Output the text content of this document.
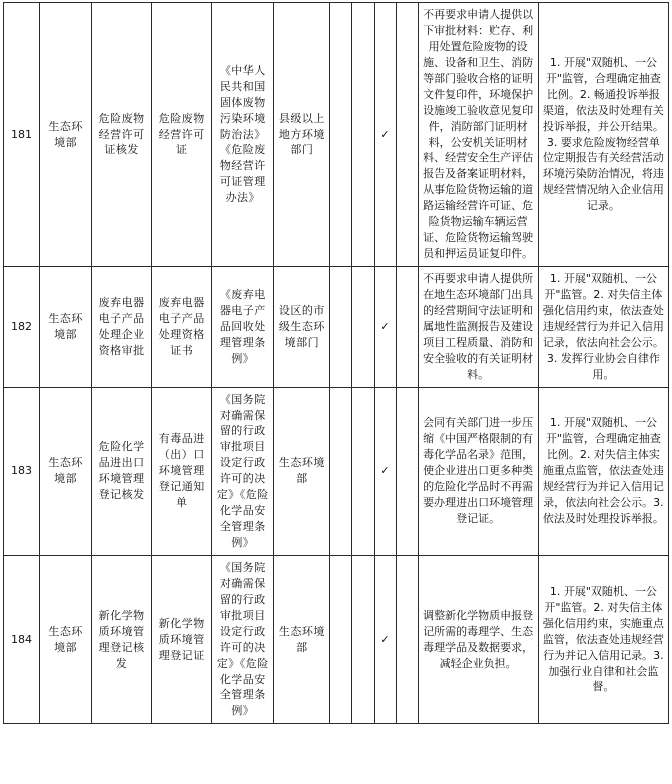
181	生态环境部	危险废物经营许可证核发	危险废物经营许可证	《中华人民共和国固体废物污染环境防治法》《危险废物经营许可证管理办法》	县级以上地方环境部门			✓		不再要求申请人提供以下审批材料：贮存、利用处置危险废物的设施、设备和卫生、消防等部门验收合格的证明文件复印件，环境保护设施竣工验收意见复印件，消防部门证明材料，公安机关证明材料、经营安全生产评估报告及备案证明材料，从事危险货物运输的道路运输经营许可证、危险货物运输车辆运营证、危险货物运输驾驶员和押运员证复印件。	1. 开展"双随机、一公开"监管，合理确定抽查比例。2. 畅通投诉举报渠道，依法及时处理有关投诉举报，并公开结果。3. 要求危险废物经营单位定期报告有关经营活动环境污染防治情况，将违规经营情况纳入企业信用记录。
182	生态环境部	废弃电器电子产品处理企业资格审批	废弃电器电子产品处理资格证书	《废弃电器电子产品回收处理管理条例》	设区的市级生态环境部门			✓		不再要求申请人提供所在地生态环境部门出具的经营期间守法证明和属地性监测报告及建设项目工程质量、消防和安全验收的有关证明材料。	1. 开展"双随机、一公开"监管。2. 对失信主体强化信用约束，依法查处违规经营行为并记入信用记录，依法向社会公示。3. 发挥行业协会自律作用。
183	生态环境部	危险化学品进出口环境管理登记核发	有毒品进（出）口环境管理登记通知单	《国务院对确需保留的行政审批项目设定行政许可的决定》《危险化学品安全管理条例》	生态环境部			✓		会同有关部门进一步压缩《中国严格限制的有毒化学品名录》范围，使企业进出口更多种类的危险化学品时不再需要办理进出口环境管理登记证。	1. 开展"双随机、一公开"监管，合理确定抽查比例。2. 对失信主体实施重点监管，依法查处违规经营行为并记入信用记录，依法向社会公示。3. 依法及时处理投诉举报。
184	生态环境部	新化学物质环境管理登记核发	新化学物质环境管理登记证	《国务院对确需保留的行政审批项目设定行政许可的决定》《危险化学品安全管理条例》	生态环境部			✓		调整新化学物质申报登记所需的毒理学、生态毒理学品及数据要求，减轻企业负担。	1. 开展"双随机、一公开"监管。2. 对失信主体强化信用约束，实施重点监管，依法查处违规经营行为并记入信用记录。3. 加强行业自律和社会监督。
